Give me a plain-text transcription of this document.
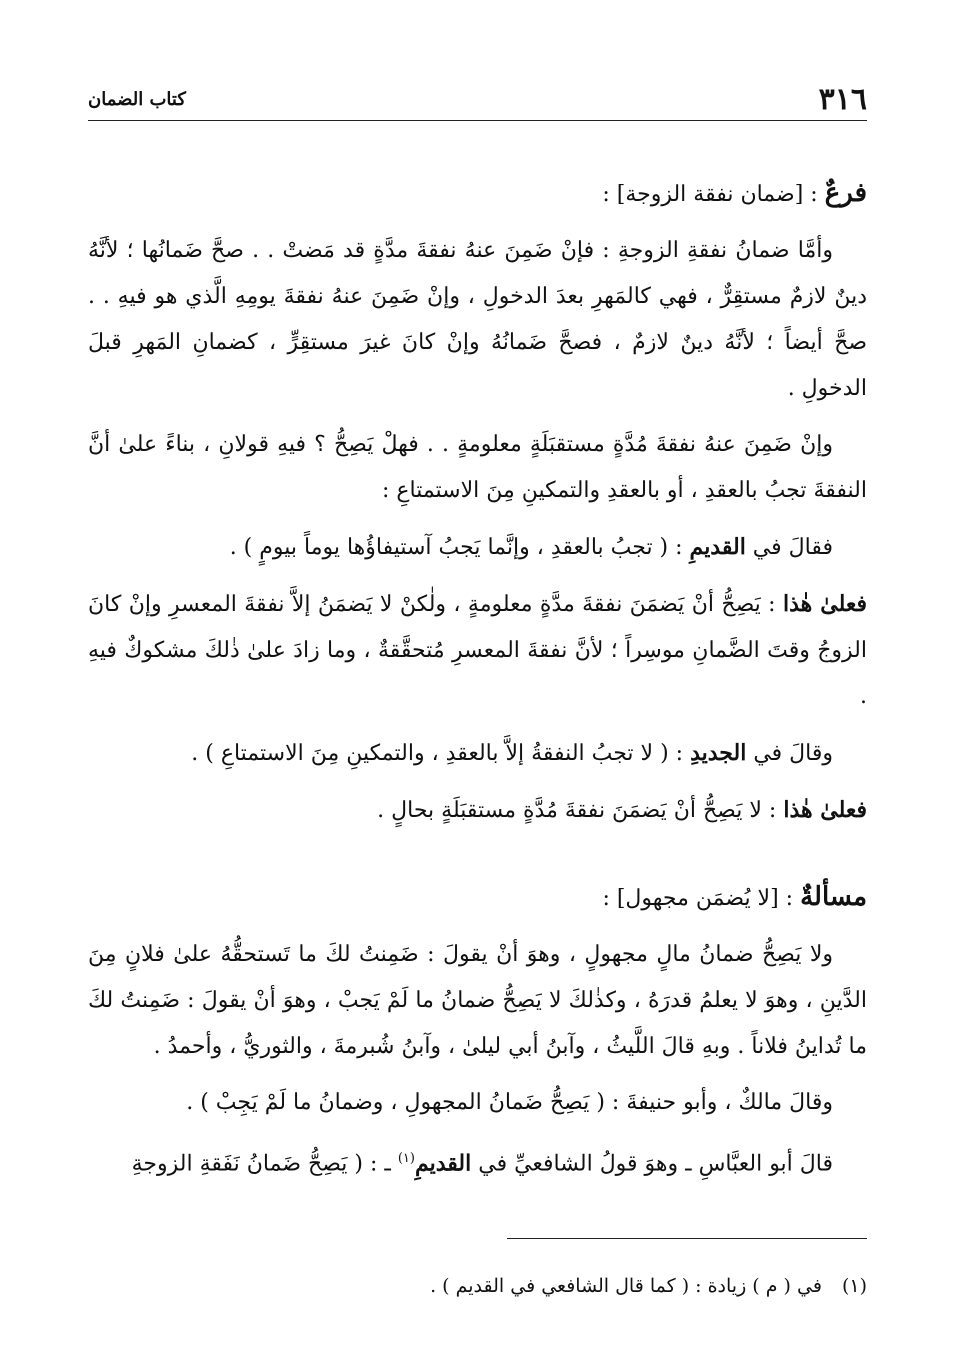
٣١٦
كتاب الضمان

فرعٌ : [ضمان نفقة الزوجة] :

وأمَّا ضمانُ نفقةِ الزوجةِ : فإنْ ضَمِنَ عنهُ نفقةَ مدَّةٍ قد مَضتْ . . صحَّ ضَمانُها ؛ لأنَّهُ دينٌ لازمٌ مستقِرٌّ ، فهي كالمَهرِ بعدَ الدخولِ ، وإنْ ضَمِنَ عنهُ نفقةَ يومِهِ الَّذي هو فيهِ . . صحَّ أيضاً ؛ لأنَّهُ دينٌ لازمٌ ، فصحَّ ضَمانُهُ وإنْ كانَ غيرَ مستقِرٍّ ، كضمانِ المَهرِ قبلَ الدخولِ .

وإنْ ضَمِنَ عنهُ نفقةَ مُدَّةٍ مستقبَلَةٍ معلومةٍ . . فهلْ يَصِحُّ ؟ فيهِ قولانِ ، بناءً علىٰ أنَّ النفقةَ تجبُ بالعقدِ ، أو بالعقدِ والتمكينِ مِنَ الاستمتاعِ :

فقالَ في القديمِ : ( تجبُ بالعقدِ ، وإنَّما يَجبُ آستيفاؤُها يوماً بيومٍ ) .

فعلىٰ هٰذا : يَصِحُّ أنْ يَضمَنَ نفقةَ مدَّةٍ معلومةٍ ، ولٰكنْ لا يَضمَنُ إلاَّ نفقةَ المعسرِ وإنْ كانَ الزوجُ وقتَ الضَّمانِ موسِراً ؛ لأنَّ نفقةَ المعسرِ مُتحقَّقةٌ ، وما زادَ علىٰ ذٰلكَ مشكوكٌ فيهِ .

وقالَ في الجديدِ : ( لا تجبُ النفقةُ إلاَّ بالعقدِ ، والتمكينِ مِنَ الاستمتاعِ ) .

فعلىٰ هٰذا : لا يَصِحُّ أنْ يَضمَنَ نفقةَ مُدَّةٍ مستقبَلَةٍ بحالٍ .

مسألةٌ : [لا يُضمَن مجهول] :

ولا يَصِحُّ ضمانُ مالٍ مجهولٍ ، وهوَ أنْ يقولَ : ضَمِنتُ لكَ ما تَستحقُّهُ علىٰ فلانٍ مِنَ الدَّينِ ، وهوَ لا يعلمُ قدرَهُ ، وكذٰلكَ لا يَصِحُّ ضمانُ ما لَمْ يَجبْ ، وهوَ أنْ يقولَ : ضَمِنتُ لكَ ما تُداينُ فلاناً . وبهِ قالَ اللَّيثُ ، وآبنُ أبي ليلىٰ ، وآبنُ شُبرمةَ ، والثوريُّ ، وأحمدُ .

وقالَ مالكٌ ، وأبو حنيفةَ : ( يَصِحُّ ضَمانُ المجهولِ ، وضمانُ ما لَمْ يَجِبْ ) .

قالَ أبو العبَّاسِ ـ وهوَ قولُ الشافعيِّ في القديمِ$^{(١)}$ ـ : ( يَصِحُّ ضَمانُ نَفَقةِ الزوجةِ

(١)في ( م ) زيادة : ( كما قال الشافعي في القديم ) .
